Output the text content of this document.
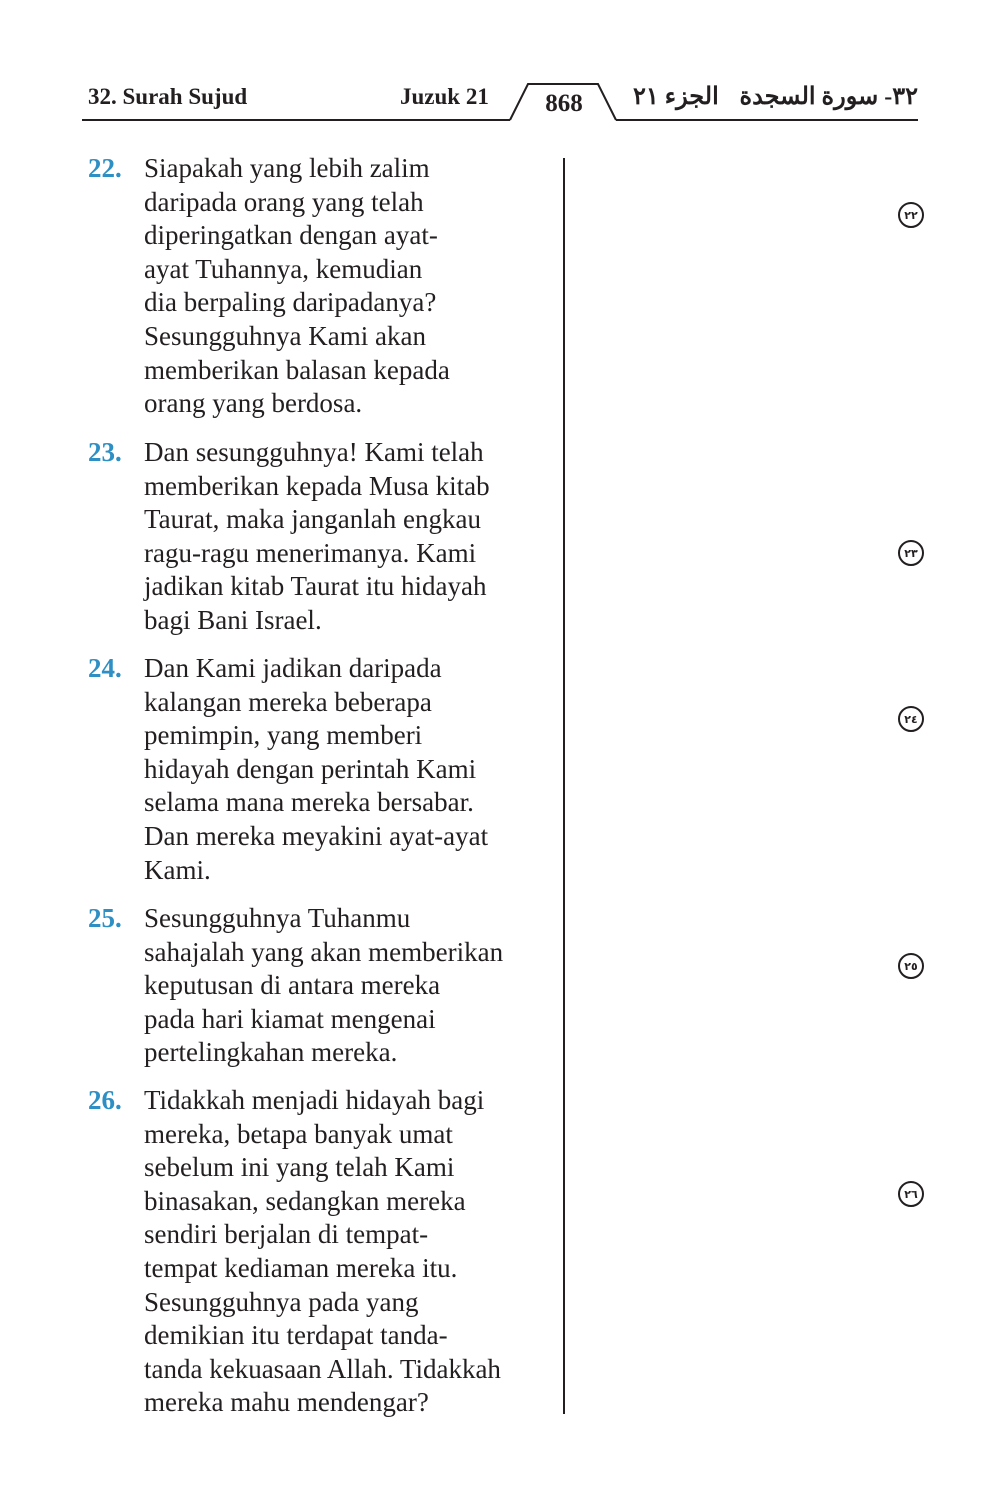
32. Surah Sujud	Juzuk 21	868	الجزء ٢١ ٣٢- سورة السجدة
22. Siapakah yang lebih zalim
daripada orang yang telah
diperingatkan dengan ayat-
ayat Tuhannya, kemudian
dia berpaling daripadanya?
Sesungguhnya Kami akan
memberikan balasan kepada
orang yang berdosa.
23. Dan sesungguhnya! Kami telah
memberikan kepada Musa kitab
Taurat, maka janganlah engkau
ragu-ragu menerimanya. Kami
jadikan kitab Taurat itu hidayah
bagi Bani Israel.
24. Dan Kami jadikan daripada
kalangan mereka beberapa
pemimpin, yang memberi
hidayah dengan perintah Kami
selama mana mereka bersabar.
Dan mereka meyakini ayat-ayat
Kami.
25. Sesungguhnya Tuhanmu
sahajalah yang akan memberikan
keputusan di antara mereka
pada hari kiamat mengenai
pertelingkahan mereka.
26. Tidakkah menjadi hidayah bagi
mereka, betapa banyak umat
sebelum ini yang telah Kami
binasakan, sedangkan mereka
sendiri berjalan di tempat-
tempat kediaman mereka itu.
Sesungguhnya pada yang
demikian itu terdapat tanda-
tanda kekuasaan Allah. Tidakkah
mereka mahu mendengar?
٢٢
٢٣
٢٤
٢٥
٢٦
